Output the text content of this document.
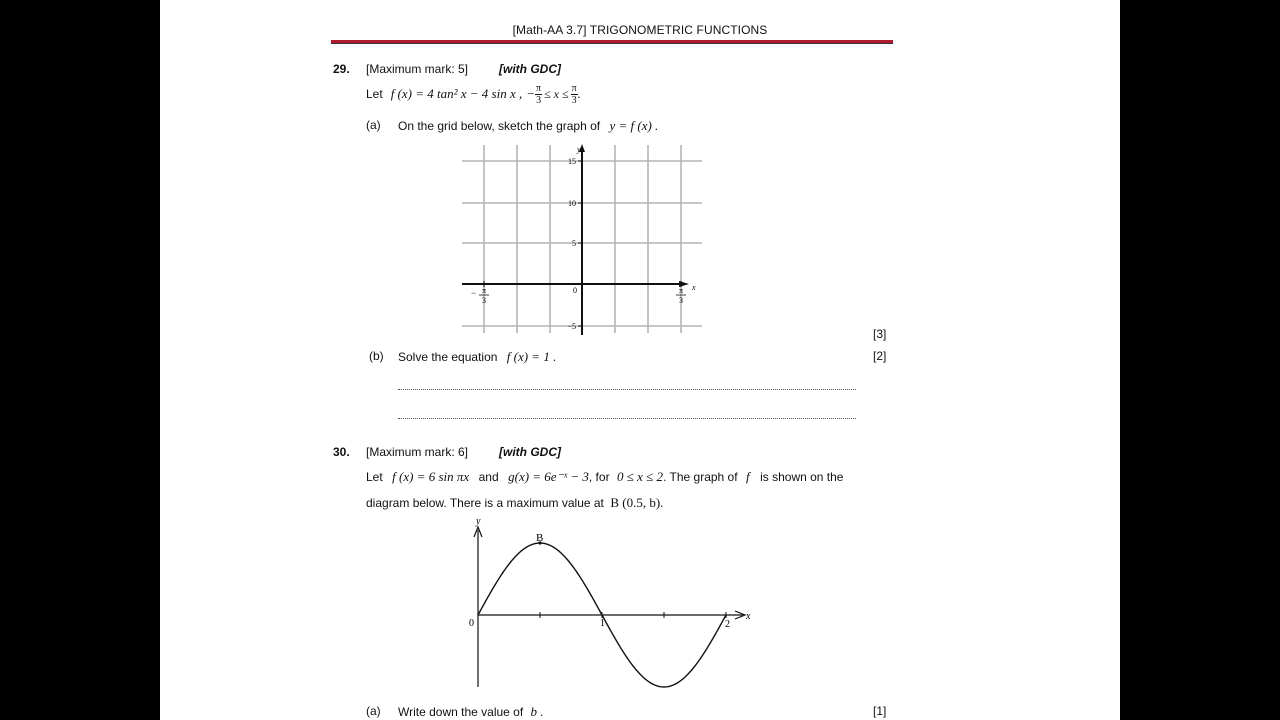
[Math-AA 3.7] TRIGONOMETRIC FUNCTIONS
29. [Maximum mark: 5]	[with GDC]
Let f (x) = 4 tan² x − 4 sin x , − $\frac{\pi}{3} \le x \le \frac{\pi}{3}$ .
(a) On the grid below, sketch the graph of y = f (x) .
y
x
15
10
5
−5
0
− π
3
π
3
[3]
(b) Solve the equation f (x) = 1 .	[2]
30. [Maximum mark: 6]	[with GDC]
Let f (x) = 6 sin πx and g(x) = 6e⁻ˣ − 3, for 0 ≤ x ≤ 2. The graph of f is shown on the
diagram below. There is a maximum value at B (0.5, b).
B
y
x
0	1	2
(a) Write down the value of b .	[1]
